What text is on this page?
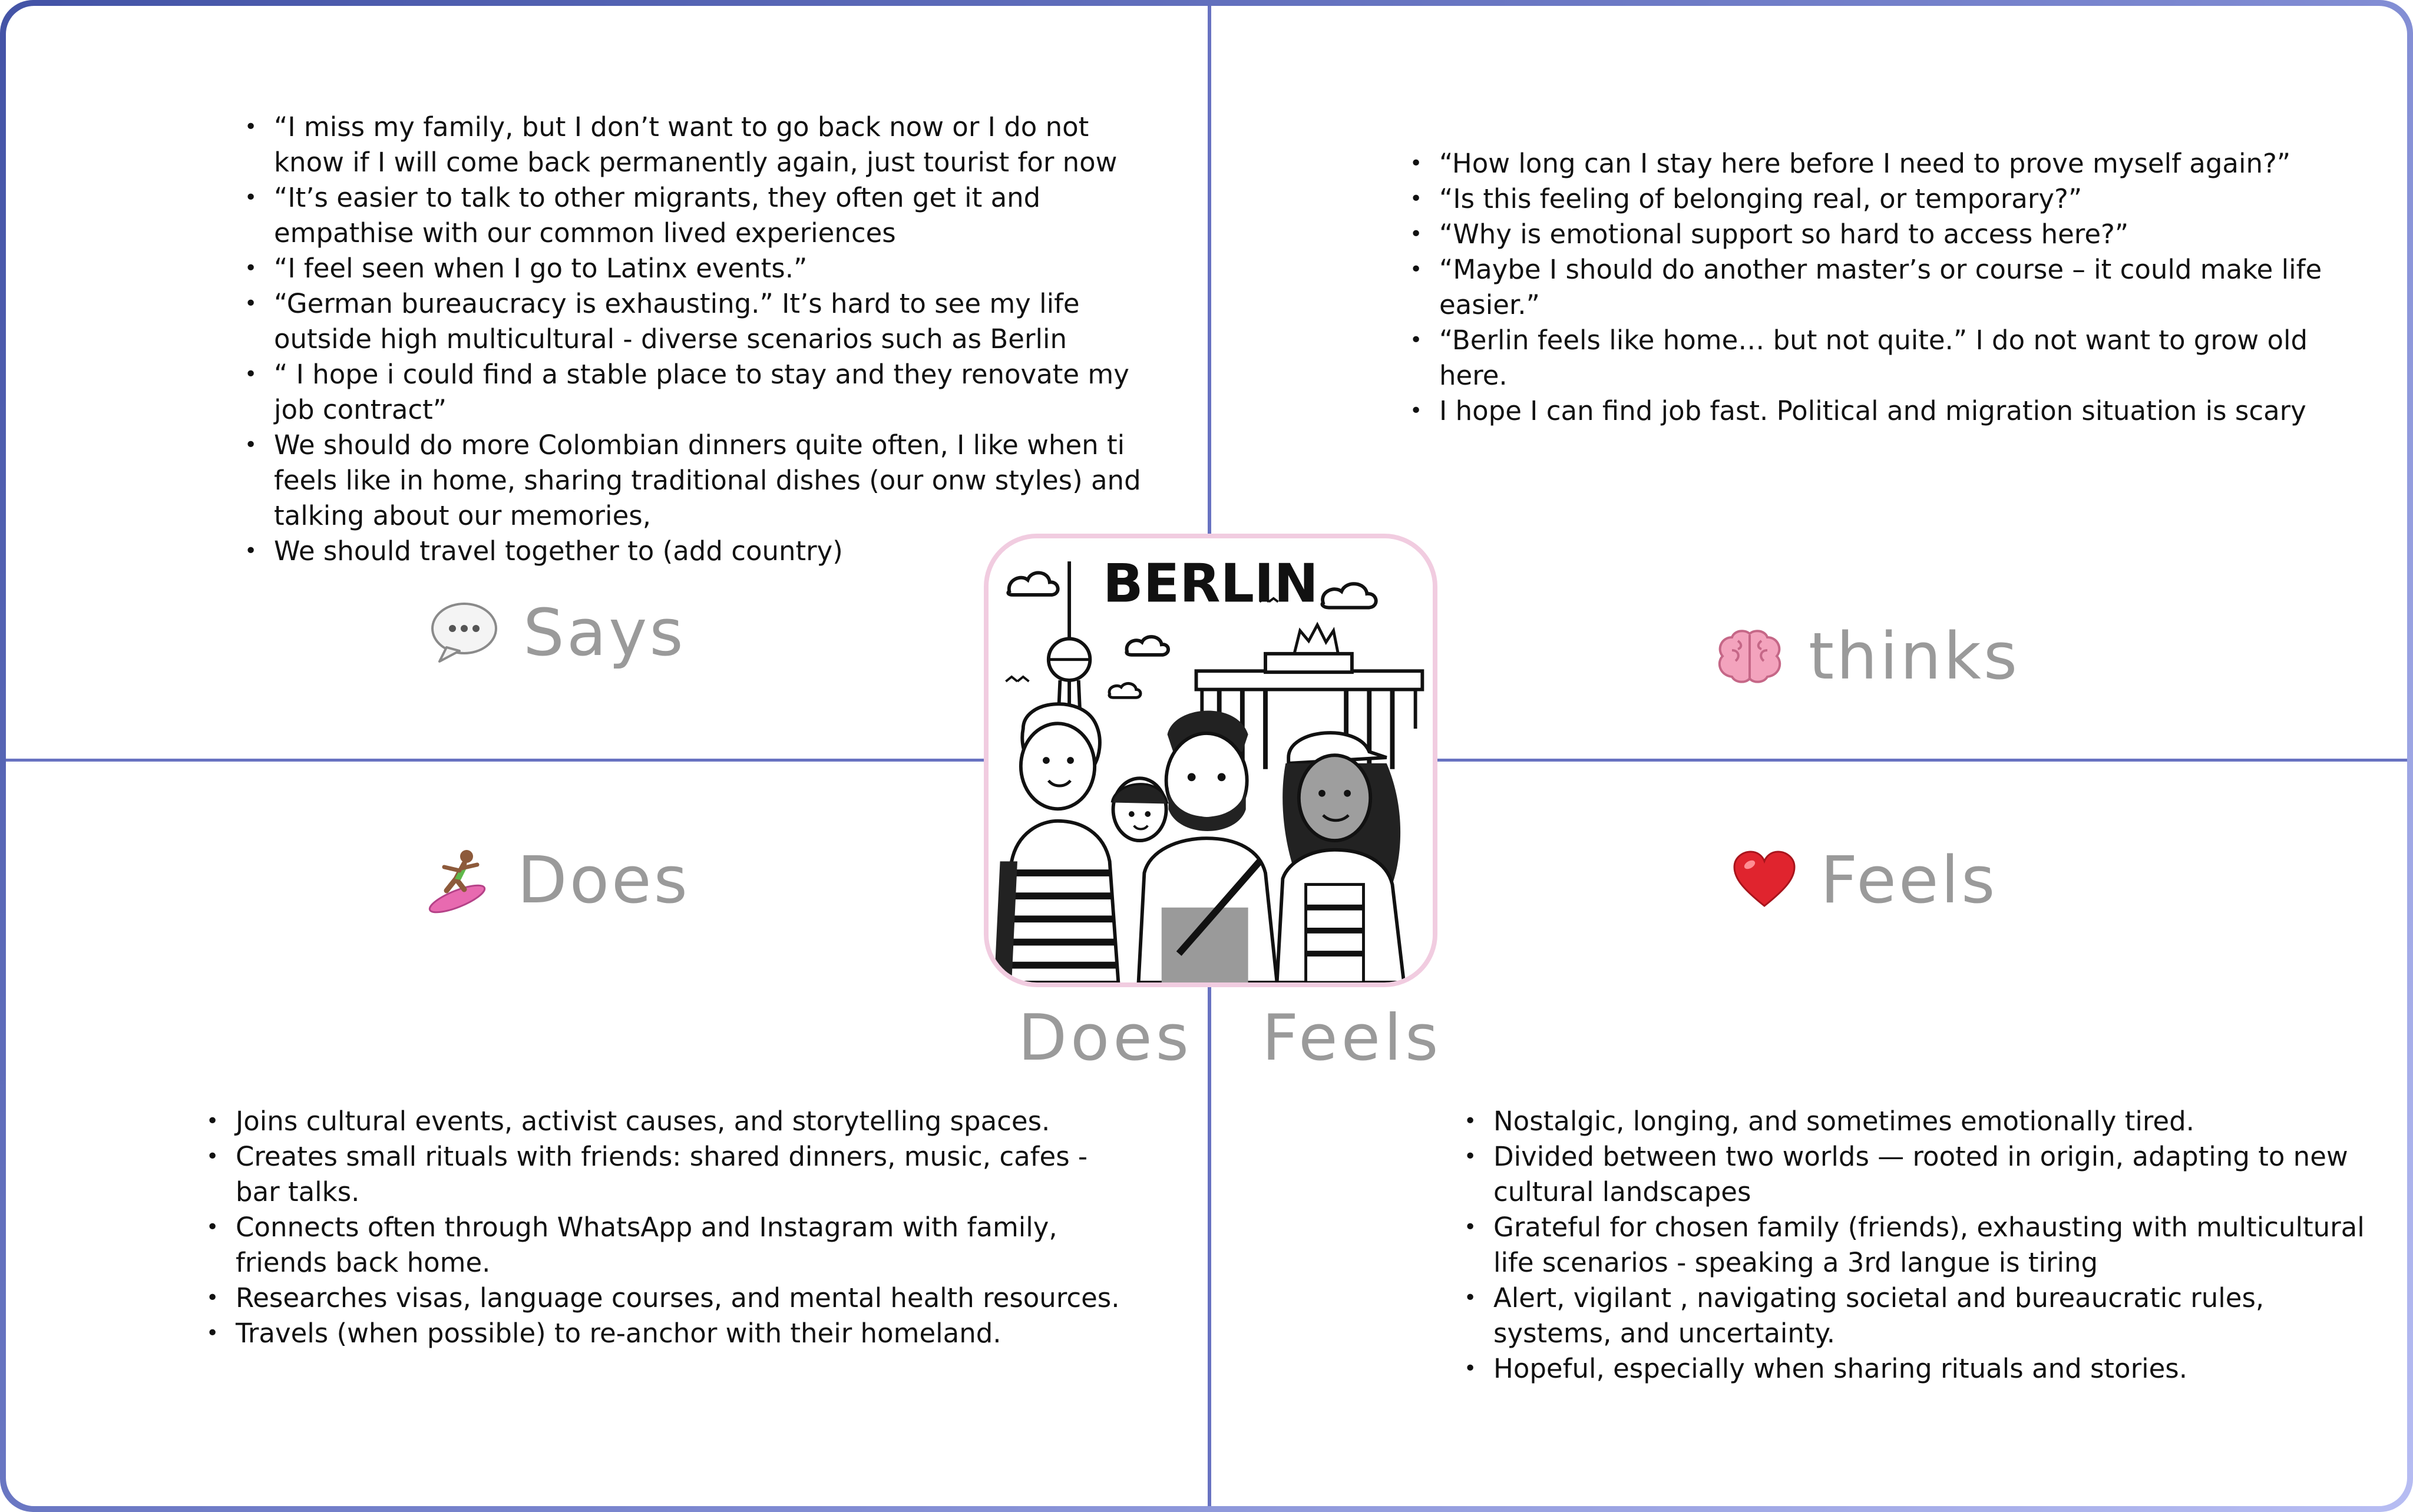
• “I miss my family, but I don’t want to go back now or I do not know if I will come back permanently again, just tourist for now
• “It’s easier to talk to other migrants, they often get it and empathise with our common lived experiences
• “I feel seen when I go to Latinx events.”
• “German bureaucracy is exhausting.” It’s hard to see my life outside high multicultural - diverse scenarios such as Berlin
• “ I hope i could find a stable place to stay and they renovate my job contract”
• We should do more Colombian dinners quite often, I like when ti feels like in home, sharing traditional dishes (our onw styles) and talking about our memories,
• We should travel together to (add country)
Says
• “How long can I stay here before I need to prove myself again?”
• “Is this feeling of belonging real, or temporary?”
• “Why is emotional support so hard to access here?”
• “Maybe I should do another master’s or course – it could make life easier.”
• “Berlin feels like home… but not quite.” I do not want to grow old here.
• I hope I can find job fast. Political and migration situation is scary
thinks
Does
• Joins cultural events, activist causes, and storytelling spaces.
• Creates small rituals with friends: shared dinners, music, cafes - bar talks.
• Connects often through WhatsApp and Instagram with family, friends back home.
• Researches visas, language courses, and mental health resources.
• Travels (when possible) to re-anchor with their homeland.
Feels
• Nostalgic, longing, and sometimes emotionally tired.
• Divided between two worlds — rooted in origin, adapting to new cultural landscapes
• Grateful for chosen family (friends), exhausting with multicultural life scenarios - speaking a 3rd langue is tiring
• Alert, vigilant , navigating societal and bureaucratic rules, systems, and uncertainty.
• Hopeful, especially when sharing rituals and stories.
BERLIN
Does Feels
